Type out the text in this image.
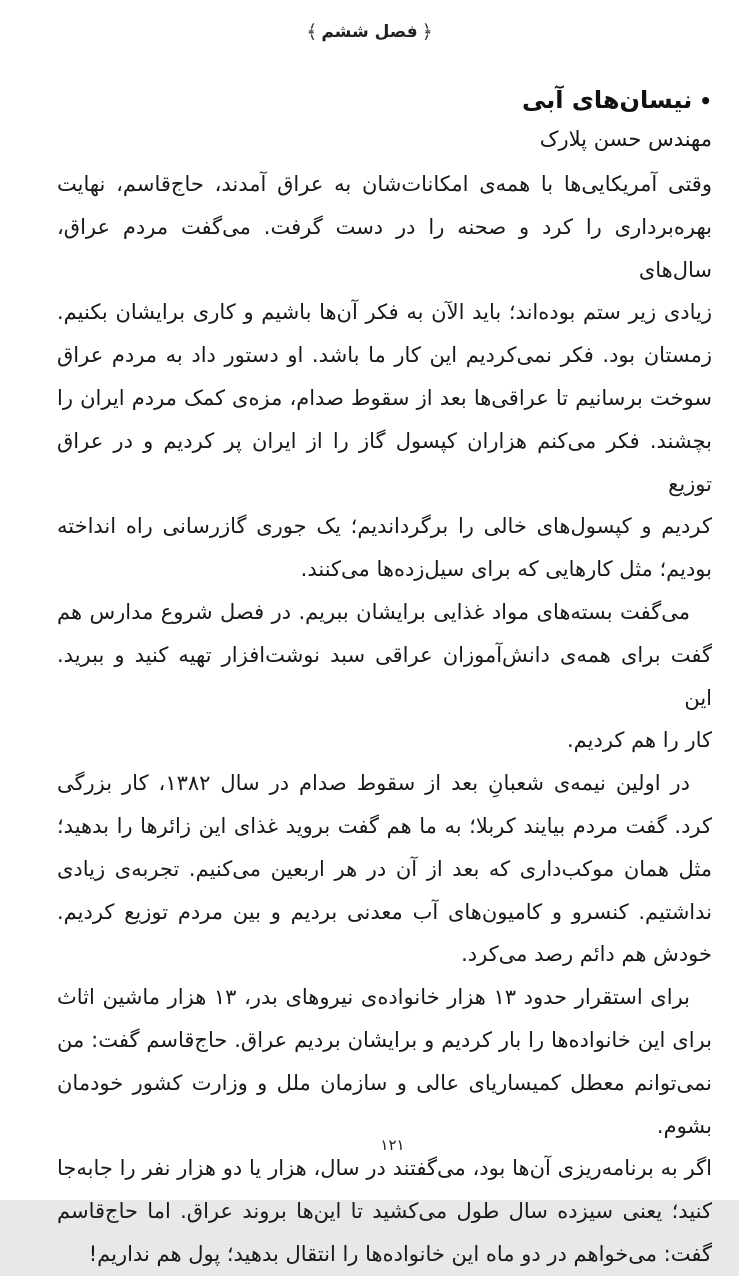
﴿
فصل ششم
﴾
•
نیسان‌های آبی
مهندس حسن پلارک
وقتی آمریکایی‌ها با همه‌ی امکانات‌شان به عراق آمدند، حاج‌قاسم، نهایت
بهره‌برداری را کرد و صحنه را در دست گرفت. می‌گفت مردم عراق، سال‌های
زیادی زیر ستم بوده‌اند؛ باید الآن به فکر آن‌ها باشیم و کاری برایشان بکنیم.
زمستان بود. فکر نمی‌کردیم این کار ما باشد. او دستور داد به مردم عراق
سوخت برسانیم تا عراقی‌ها بعد از سقوط صدام، مزه‌ی کمک مردم ایران را
بچشند. فکر می‌کنم هزاران کپسول گاز را از ایران پر کردیم و در عراق توزیع
کردیم و کپسول‌های خالی را برگرداندیم؛ یک جوری گازرسانی راه انداخته
بودیم؛ مثل کارهایی که برای سیل‌زده‌ها می‌کنند.
می‌گفت بسته‌های مواد غذایی برایشان ببریم. در فصل شروع مدارس هم
گفت برای همه‌ی دانش‌آموزان عراقی سبد نوشت‌افزار تهیه کنید و ببرید. این
کار را هم کردیم.
در اولین نیمه‌ی شعبانِ بعد از سقوط صدام در سال ۱۳۸۲، کار بزرگی
کرد. گفت مردم بیایند کربلا؛ به ما هم گفت بروید غذای این زائرها را بدهید؛
مثل همان موکب‌داری که بعد از آن در هر اربعین می‌کنیم. تجربه‌ی زیادی
نداشتیم. کنسرو و کامیون‌های آب معدنی بردیم و بین مردم توزیع کردیم.
خودش هم دائم رصد می‌کرد.
برای استقرار حدود ۱۳ هزار خانواده‌ی نیروهای بدر، ۱۳ هزار ماشین اثاث
برای این خانواده‌ها را بار کردیم و برایشان بردیم عراق. حاج‌قاسم گفت: من
نمی‌توانم معطل کمیساریای عالی و سازمان ملل و وزارت کشور خودمان بشوم.
اگر به برنامه‌ریزی آن‌ها بود، می‌گفتند در سال، هزار یا دو هزار نفر را جابه‌جا
کنید؛ یعنی سیزده سال طول می‌کشید تا این‌ها بروند عراق. اما حاج‌قاسم
گفت: می‌خواهم در دو ماه این خانواده‌ها را انتقال بدهید؛ پول هم نداریم!
۱۲۱
